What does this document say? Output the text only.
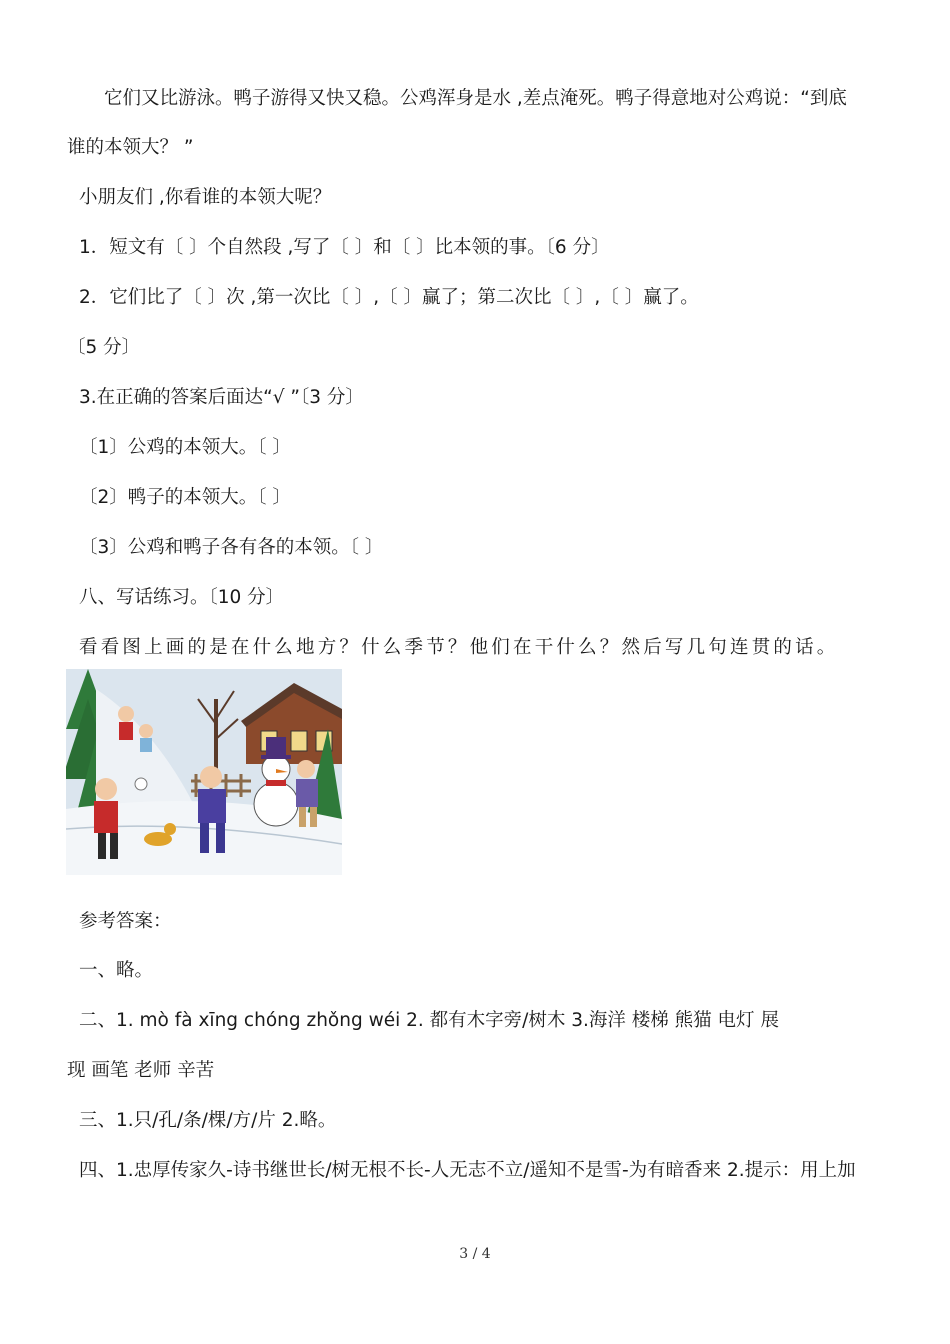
它们又比游泳。鸭子游得又快又稳。公鸡浑身是水 ,差点淹死。鸭子得意地对公鸡说：“到底
谁的本领大？ ”
小朋友们 ,你看谁的本领大呢？
1．短文有〔 〕个自然段 ,写了〔 〕和〔 〕比本领的事。〔6 分〕
2．它们比了〔 〕次 ,第一次比〔 〕,〔 〕赢了；第二次比〔 〕,〔 〕赢了。
〔5 分〕
3.在正确的答案后面达“√ ”〔3 分〕
〔1〕公鸡的本领大。〔 〕
〔2〕鸭子的本领大。〔 〕
〔3〕公鸡和鸭子各有各的本领。〔 〕
八、写话练习。〔10 分〕
看看图上画的是在什么地方？什么季节？他们在干什么？然后写几句连贯的话。
参考答案：
一、略。
二、1. mò fà xīng chóng zhǒng wéi 2. 都有木字旁/树木 3.海洋 楼梯 熊猫 电灯 展
现 画笔 老师 辛苦
三、1.只/孔/条/棵/方/片 2.略。
四、1.忠厚传家久-诗书继世长/树无根不长-人无志不立/遥知不是雪-为有暗香来 2.提示：用上加
3 / 4
